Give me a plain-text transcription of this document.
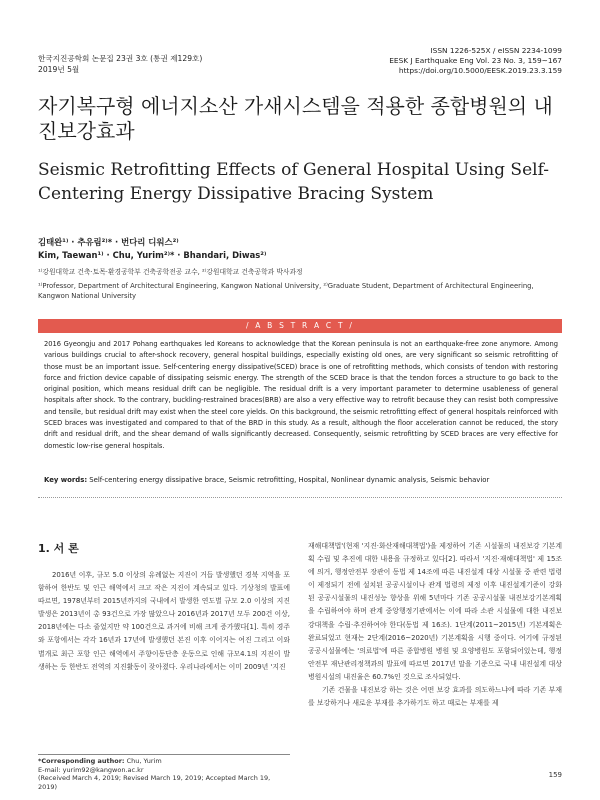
한국지진공학회 논문집 23권 3호 (통권 제129호)
2019년 5월
ISSN 1226-525X / eISSN 2234-1099
EESK J Earthquake Eng Vol. 23 No. 3, 159~167
https://doi.org/10.5000/EESK.2019.23.3.159
자기복구형 에너지소산 가새시스템을 적용한 종합병원의 내진보강효과
Seismic Retrofitting Effects of General Hospital Using Self-Centering Energy Dissipative Bracing System
김태완¹⁾ · 추유림²⁾* · 번다리 디워스²⁾
Kim, Taewan¹⁾ · Chu, Yurim²⁾* · Bhandari, Diwas²⁾
¹⁾강원대학교 건축·토목·환경공학부 건축공학전공 교수, ²⁾강원대학교 건축공학과 박사과정
¹⁾Professor, Department of Architectural Engineering, Kangwon National University, ²⁾Graduate Student, Department of Architectural Engineering, Kangwon National University
/ A B S T R A C T /
2016 Gyeongju and 2017 Pohang earthquakes led Koreans to acknowledge that the Korean peninsula is not an earthquake-free zone anymore. Among various buildings crucial to after-shock recovery, general hospital buildings, especially existing old ones, are very significant so seismic retrofitting of those must be an important issue. Self-centering energy dissipative(SCED) brace is one of retrofitting methods, which consists of tendon with restoring force and friction device capable of dissipating seismic energy. The strength of the SCED brace is that the tendon forces a structure to go back to the original position, which means residual drift can be negligible. The residual drift is a very important parameter to determine usableness of general hospitals after shock. To the contrary, buckling-restrained braces(BRB) are also a very effective way to retrofit because they can resist both compressive and tensile, but residual drift may exist when the steel core yields. On this background, the seismic retrofitting effect of general hospitals reinforced with SCED braces was investigated and compared to that of the BRD in this study. As a result, although the floor acceleration cannot be reduced, the story drift and residual drift, and the shear demand of walls significantly decreased. Consequently, seismic retrofitting by SCED braces are very effective for domestic low-rise general hospitals.
Key words: Self-centering energy dissipative brace, Seismic retrofitting, Hospital, Nonlinear dynamic analysis, Seismic behavior
1. 서 론

2016년 이후, 규모 5.0 이상의 유례없는 지진이 거듭 발생했던 경북 지역을 포함하여 한반도 및 인근 해역에서 크고 작은 지진이 계속되고 있다. 기상청의 발표에 따르면, 1978년부터 2015년까지의 국내에서 발생한 연도별 규모 2.0 이상의 지진 발생은 2013년이 총 93건으로 가장 많았으나 2016년과 2017년 모두 200건 이상, 2018년에는 다소 줄었지만 약 100건으로 과거에 비해 크게 증가했다[1]. 특히 경주와 포항에서는 각각 16년과 17년에 발생했던 본진 이후 이어지는 여진 그리고 이와 별개로 최근 포항 인근 해역에서 주향이동단층 운동으로 인해 규모4.1의 지진이 발생하는 등 한반도 전역의 지진활동이 잦아졌다. 우리나라에서는 이미 2009년 '지진

재해대책법'(현재 '지진·화산재해대책법')을 제정하여 기존 시설물의 내진보강 기본계획 수립 및 추진에 대한 내용을 규정하고 있다[2]. 따라서 '지진·재해대책법' 제 15조에 의거, 행정안전부 장관이 동법 제 14조에 따른 내진설계 대상 시설물 중 관련 법령이 제정되기 전에 설치된 공공시설이나 관계 법령의 제정 이후 내진설계기준이 강화된 공공시설물의 내진성능 향상을 위해 5년마다 기존 공공시설물 내진보강기본계획을 수립하여야 하며 관계 중앙행정기관에서는 이에 따라 소관 시설물에 대한 내진보강대책을 수립·추진하여야 한다(동법 제 16조). 1단계(2011~2015년) 기본계획은 완료되었고 현재는 2단계(2016~2020년) 기본계획을 시행 중이다. 여기에 규정된 공공시설물에는 '의료법'에 따른 종합병원 병원 및 요양병원도 포함되어있는데, 행정안전부 재난관리정책과의 발표에 따르면 2017년 말을 기준으로 국내 내진설계 대상 병원시설의 내진율은 60.7%인 것으로 조사되었다.

기존 건물을 내진보강 하는 것은 어떤 보강 효과를 의도하느냐에 따라 기존 부재를 보강하거나 새로운 부재를 추가하기도 하고 때로는 부재를 제

*Corresponding author: Chu, Yurim
E-mail: yurim92@kangwon.ac.kr
(Received March 4, 2019; Revised March 19, 2019; Accepted March 19, 2019)
159
